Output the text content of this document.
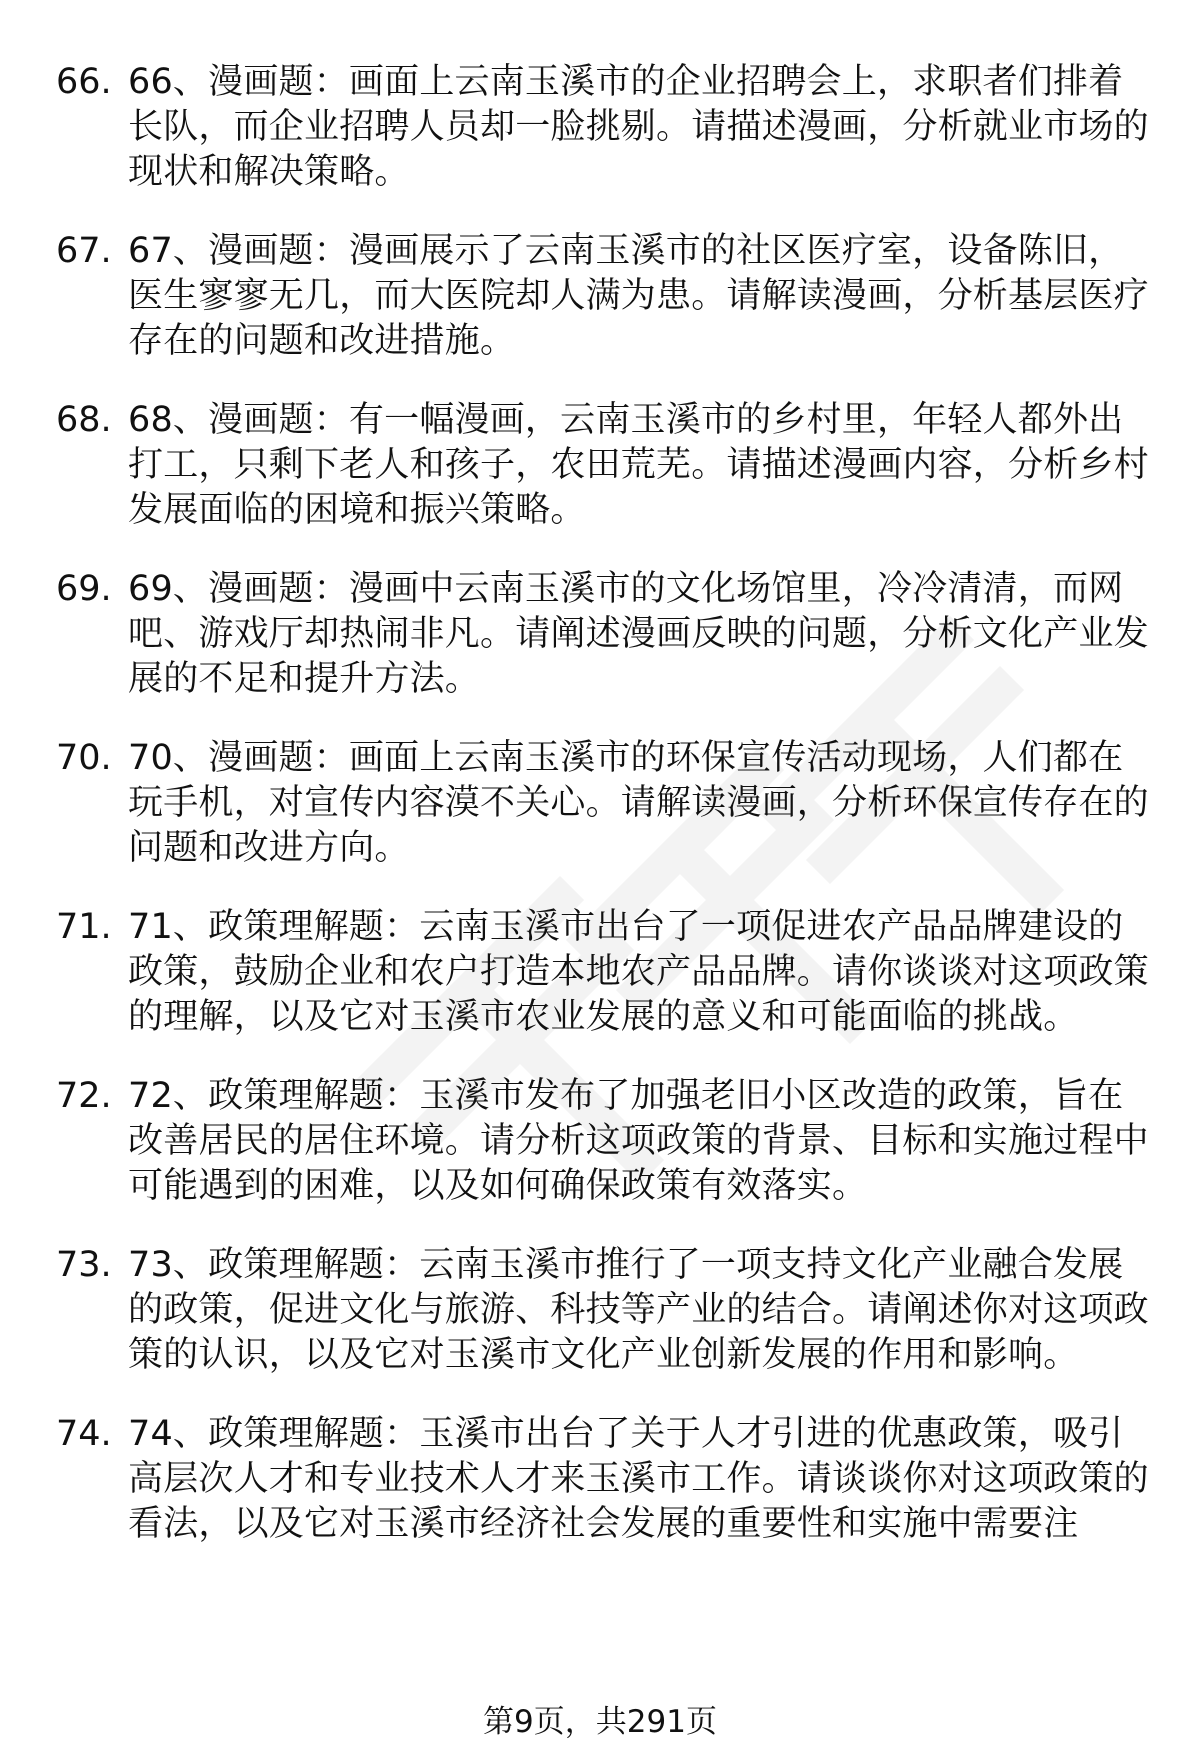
66. 66、漫画题：画面上云南玉溪市的企业招聘会上，求职者们排着长队，而企业招聘人员却一脸挑剔。请描述漫画，分析就业市场的现状和解决策略。
67. 67、漫画题：漫画展示了云南玉溪市的社区医疗室，设备陈旧，医生寥寥无几，而大医院却人满为患。请解读漫画，分析基层医疗存在的问题和改进措施。
68. 68、漫画题：有一幅漫画，云南玉溪市的乡村里，年轻人都外出打工，只剩下老人和孩子，农田荒芜。请描述漫画内容，分析乡村发展面临的困境和振兴策略。
69. 69、漫画题：漫画中云南玉溪市的文化场馆里，冷冷清清，而网吧、游戏厅却热闹非凡。请阐述漫画反映的问题，分析文化产业发展的不足和提升方法。
70. 70、漫画题：画面上云南玉溪市的环保宣传活动现场，人们都在玩手机，对宣传内容漠不关心。请解读漫画，分析环保宣传存在的问题和改进方向。
71. 71、政策理解题：云南玉溪市出台了一项促进农产品品牌建设的政策，鼓励企业和农户打造本地农产品品牌。请你谈谈对这项政策的理解，以及它对玉溪市农业发展的意义和可能面临的挑战。
72. 72、政策理解题：玉溪市发布了加强老旧小区改造的政策，旨在改善居民的居住环境。请分析这项政策的背景、目标和实施过程中可能遇到的困难，以及如何确保政策有效落实。
73. 73、政策理解题：云南玉溪市推行了一项支持文化产业融合发展的政策，促进文化与旅游、科技等产业的结合。请阐述你对这项政策的认识，以及它对玉溪市文化产业创新发展的作用和影响。
74. 74、政策理解题：玉溪市出台了关于人才引进的优惠政策，吸引高层次人才和专业技术人才来玉溪市工作。请谈谈你对这项政策的看法，以及它对玉溪市经济社会发展的重要性和实施中需要注
第9页，共291页
